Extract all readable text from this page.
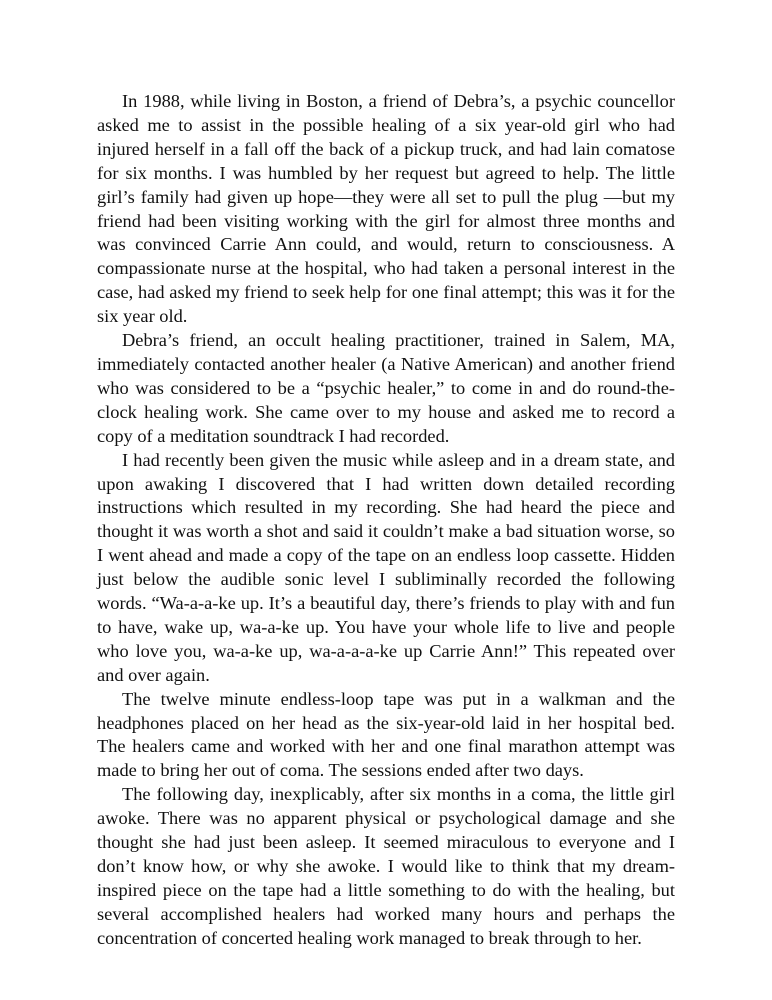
In 1988, while living in Boston, a friend of Debra’s, a psychic councellor asked me to assist in the possible healing of a six year-old girl who had injured herself in a fall off the back of a pickup truck, and had lain comatose for six months. I was humbled by her request but agreed to help. The little girl’s family had given up hope—they were all set to pull the plug —but my friend had been visiting working with the girl for almost three months and was convinced Carrie Ann could, and would, return to consciousness. A compassionate nurse at the hospital, who had taken a personal interest in the case, had asked my friend to seek help for one final attempt; this was it for the six year old.

Debra’s friend, an occult healing practitioner, trained in Salem, MA, immediately contacted another healer (a Native American) and another friend who was considered to be a “psychic healer,” to come in and do round-the-clock healing work. She came over to my house and asked me to record a copy of a meditation soundtrack I had recorded.

I had recently been given the music while asleep and in a dream state, and upon awaking I discovered that I had written down detailed recording instructions which resulted in my recording. She had heard the piece and thought it was worth a shot and said it couldn’t make a bad situation worse, so I went ahead and made a copy of the tape on an endless loop cassette. Hidden just below the audible sonic level I subliminally recorded the following words. “Wa-a-a-ke up. It’s a beautiful day, there’s friends to play with and fun to have, wake up, wa-a-ke up. You have your whole life to live and people who love you, wa-a-ke up, wa-a-a-a-ke up Carrie Ann!” This repeated over and over again.

The twelve minute endless-loop tape was put in a walkman and the headphones placed on her head as the six-year-old laid in her hospital bed. The healers came and worked with her and one final marathon attempt was made to bring her out of coma. The sessions ended after two days.

The following day, inexplicably, after six months in a coma, the little girl awoke. There was no apparent physical or psychological damage and she thought she had just been asleep. It seemed miraculous to everyone and I don’t know how, or why she awoke. I would like to think that my dream-inspired piece on the tape had a little something to do with the healing, but several accomplished healers had worked many hours and perhaps the concentration of concerted healing work managed to break through to her.
